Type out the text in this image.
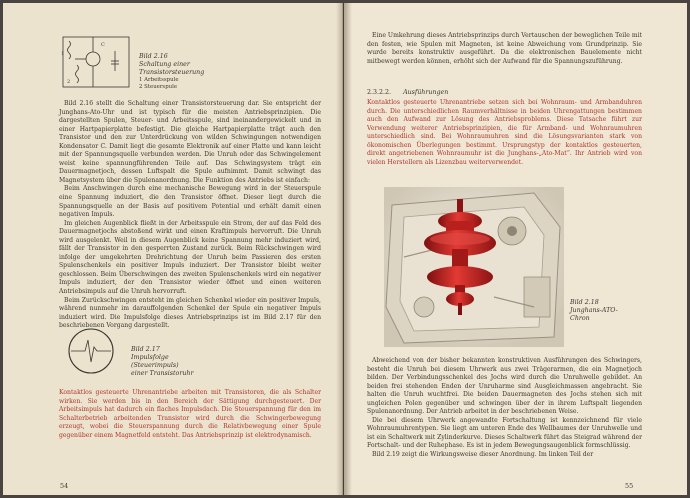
C
1
2
Bild 2.16
Schaltung einer
Transistorsteuerung
1 Arbeitsspule
2 Steuerspule

Bild 2.16 stellt die Schaltung einer Transistorsteuerung dar. Sie entspricht der Junghans-Ato-Uhr und ist typisch für die meisten Antriebsprinzipien. Die dargestellten Spulen, Steuer- und Arbeitsspule, sind ineinandergewickelt und in einer Hartpapierplatte befestigt. Die gleiche Hartpapierplatte trägt auch den Transistor und den zur Unterdrückung von wilden Schwingungen notwendigen Kondensator C. Damit liegt die gesamte Elektronik auf einer Platte und kann leicht mit der Spannungsquelle verbunden werden. Die Unruh oder das Schwingelement weist keine spannungführenden Teile auf. Das Schwingsystem trägt ein Dauermagnetjoch, dessen Luftspalt die Spule aufnimmt. Damit schwingt das Magnetsystem über die Spulenanordnung. Die Funktion des Antriebs ist einfach:

Beim Anschwingen durch eine mechanische Bewegung wird in der Steuerspule eine Spannung induziert, die den Transistor öffnet. Dieser liegt durch die Spannungsquelle an der Basis auf positivem Potential und erhält damit einen negativen Impuls.

Im gleichen Augenblick fließt in der Arbeitsspule ein Strom, der auf das Feld des Dauermagnetjochs abstoßend wirkt und einen Kraftimpuls hervorruft. Die Unruh wird ausgelenkt. Weil in diesem Augenblick keine Spannung mehr induziert wird, fällt der Transistor in den gesperrten Zustand zurück. Beim Rückschwingen wird infolge der umgekehrten Drehrichtung der Unruh beim Passieren des ersten Spulenschenkels ein positiver Impuls induziert. Der Transistor bleibt weiter geschlossen. Beim Überschwingen des zweiten Spulenschenkels wird ein negativer Impuls induziert, der den Transistor wieder öffnet und einen weiteren Antriebsimpuls auf die Unruh hervorruft.

Beim Zurückschwingen entsteht im gleichen Schenkel wieder ein positiver Impuls, während nunmehr im darauffolgenden Schenkel der Spule ein negativer Impuls induziert wird. Die Impulsfolge dieses Antriebsprinzips ist im Bild 2.17 für den beschriebenen Vorgang dargestellt.

Bild 2.17
Impulsfolge
(Steuerimpuls)
einer Transistoruhr

Kontaktlos gesteuerte Uhrenantriebe arbeiten mit Transistoren, die als Schalter wirken. Sie werden bis in den Bereich der Sättigung durchgesteuert. Der Arbeitsimpuls hat dadurch ein flaches Impulsdach. Die Steuerspannung für den im Schalterbetrieb arbeitenden Transistor wird durch die Schwingerbewegung erzeugt, wobei die Steuerspannung durch die Relativbewegung einer Spule gegenüber einem Magnetfeld entsteht. Das Antriebsprinzip ist elektrodynamisch.

54

Eine Umkehrung dieses Antriebsprinzips durch Vertauschen der beweglichen Teile mit den festen, wie Spulen mit Magneten, ist keine Abweichung vom Grundprinzip. Sie wurde bereits konstruktiv ausgeführt. Da die elektronischen Bauelemente nicht mitbewegt werden können, erhöht sich der Aufwand für die Spannungszuführung.

2.3.2.2. Ausführungen

Kontaktlos gesteuerte Uhrenantriebe setzen sich bei Wohnraum- und Armbanduhren durch. Die unterschiedlichen Raumverhältnisse in beiden Uhrengattungen bestimmen auch den Aufwand zur Lösung des Antriebsproblems. Diese Tatsache führt zur Verwendung weiterer Antriebsprinzipien, die für Armband- und Wohnraumuhren unterschiedlich sind. Bei Wohnraumuhren sind die Lösungsvarianten stark von ökonomischen Überlegungen bestimmt. Ursprungstyp der kontaktlos gesteuerten, direkt angetriebenen Wohnraumuhr ist die Junghans-„Ato-Mat“. Ihr Antrieb wird von vielen Herstellern als Lizenzbau weiterverwendet.

Bild 2.18
Junghans-ATO-
Chron

Abweichend von der bisher bekannten konstruktiven Ausführungen des Schwingers, besteht die Unruh bei diesem Uhrwerk aus zwei Trägerarmen, die ein Magnetjoch bilden. Der Verbindungsschenkel des Jochs wird durch die Unruhwelle gebildet. An beiden frei stehenden Enden der Unruharme sind Ausgleichmassen angebracht. Sie halten die Unruh wuchtfrei. Die beiden Dauermagneten des Jochs stehen sich mit ungleichen Polen gegenüber und schwingen über der in ihrem Luftspalt liegenden Spulenanordnung. Der Antrieb arbeitet in der beschriebenen Weise.

Die bei diesem Uhrwerk angewandte Fortschaltung ist kennzeichnend für viele Wohnraumuhrentypen. Sie liegt am unteren Ende des Wellbaumes der Unruhwelle und ist ein Schaltwerk mit Zylinderkurve. Dieses Schaltwerk führt das Steigrad während der Fortschalt- und der Ruhephase. Es ist in jedem Bewegungsaugenblick formschlüssig.

Bild 2.19 zeigt die Wirkungsweise dieser Anordnung. Im linken Teil der

55
